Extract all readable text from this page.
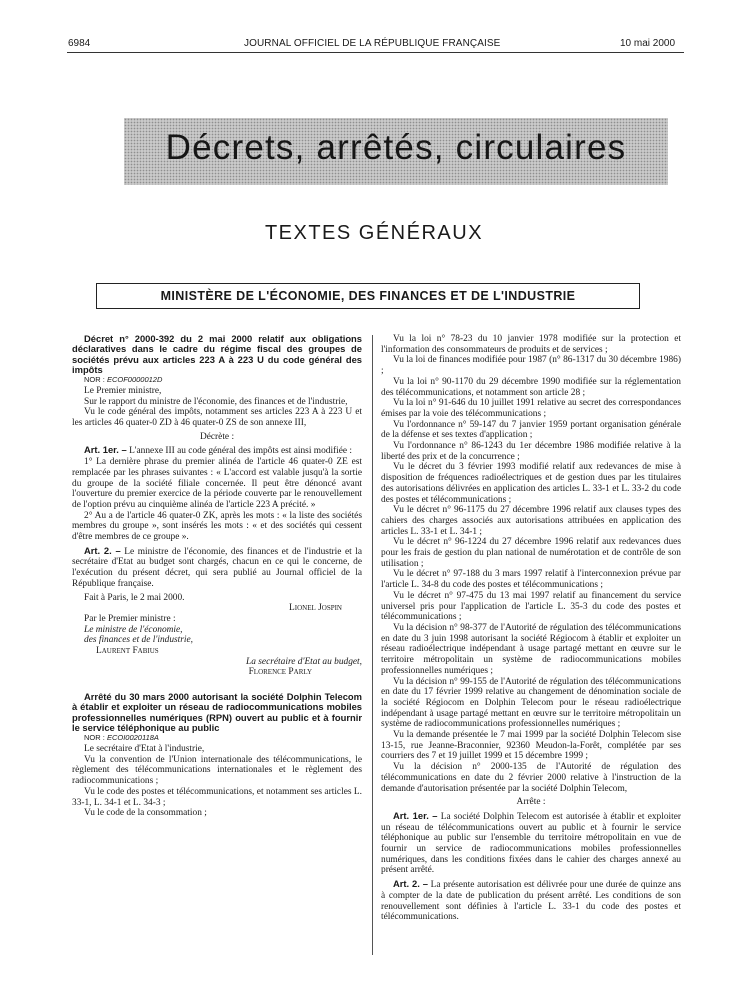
6984	JOURNAL OFFICIEL DE LA RÉPUBLIQUE FRANÇAISE	10 mai 2000
Décrets, arrêtés, circulaires
TEXTES GÉNÉRAUX
MINISTÈRE DE L'ÉCONOMIE, DES FINANCES ET DE L'INDUSTRIE

Décret n° 2000-392 du 2 mai 2000 relatif aux obligations déclaratives dans le cadre du régime fiscal des groupes de sociétés prévu aux articles 223 A à 223 U du code général des impôts

NOR : ECOF0000012D

Le Premier ministre,

Sur le rapport du ministre de l'économie, des finances et de l'industrie,

Vu le code général des impôts, notamment ses articles 223 A à 223 U et les articles 46 quater-0 ZD à 46 quater-0 ZS de son annexe III,

Décrète :

Art. 1er. – L'annexe III au code général des impôts est ainsi modifiée :

1° La dernière phrase du premier alinéa de l'article 46 quater-0 ZE est remplacée par les phrases suivantes : « L'accord est valable jusqu'à la sortie du groupe de la société filiale concernée. Il peut être dénoncé avant l'ouverture du premier exercice de la période couverte par le renouvellement de l'option prévu au cinquième alinéa de l'article 223 A précité. »

2° Au a de l'article 46 quater-0 ZK, après les mots : « la liste des sociétés membres du groupe », sont insérés les mots : « et des sociétés qui cessent d'être membres de ce groupe ».

Art. 2. – Le ministre de l'économie, des finances et de l'industrie et la secrétaire d'Etat au budget sont chargés, chacun en ce qui le concerne, de l'exécution du présent décret, qui sera publié au Journal officiel de la République française.

Fait à Paris, le 2 mai 2000.

Lionel Jospin

Par le Premier ministre :

Le ministre de l'économie,

des finances et de l'industrie,

Laurent Fabius

La secrétaire d'Etat au budget,

Florence Parly

Arrêté du 30 mars 2000 autorisant la société Dolphin Telecom à établir et exploiter un réseau de radiocommunications mobiles professionnelles numériques (RPN) ouvert au public et à fournir le service téléphonique au public

NOR : ECOI0020118A

Le secrétaire d'Etat à l'industrie,

Vu la convention de l'Union internationale des télécommunications, le règlement des télécommunications internationales et le règlement des radiocommunications ;

Vu le code des postes et télécommunications, et notamment ses articles L. 33-1, L. 34-1 et L. 34-3 ;

Vu le code de la consommation ;

Vu la loi n° 78-23 du 10 janvier 1978 modifiée sur la protection et l'information des consommateurs de produits et de services ;

Vu la loi de finances modifiée pour 1987 (n° 86-1317 du 30 décembre 1986) ;

Vu la loi n° 90-1170 du 29 décembre 1990 modifiée sur la réglementation des télécommunications, et notamment son article 28 ;

Vu la loi n° 91-646 du 10 juillet 1991 relative au secret des correspondances émises par la voie des télécommunications ;

Vu l'ordonnance n° 59-147 du 7 janvier 1959 portant organisation générale de la défense et ses textes d'application ;

Vu l'ordonnance n° 86-1243 du 1er décembre 1986 modifiée relative à la liberté des prix et de la concurrence ;

Vu le décret du 3 février 1993 modifié relatif aux redevances de mise à disposition de fréquences radioélectriques et de gestion dues par les titulaires des autorisations délivrées en application des articles L. 33-1 et L. 33-2 du code des postes et télécommunications ;

Vu le décret n° 96-1175 du 27 décembre 1996 relatif aux clauses types des cahiers des charges associés aux autorisations attribuées en application des articles L. 33-1 et L. 34-1 ;

Vu le décret n° 96-1224 du 27 décembre 1996 relatif aux redevances dues pour les frais de gestion du plan national de numérotation et de contrôle de son utilisation ;

Vu le décret n° 97-188 du 3 mars 1997 relatif à l'interconnexion prévue par l'article L. 34-8 du code des postes et télécommunications ;

Vu le décret n° 97-475 du 13 mai 1997 relatif au financement du service universel pris pour l'application de l'article L. 35-3 du code des postes et télécommunications ;

Vu la décision n° 98-377 de l'Autorité de régulation des télécommunications en date du 3 juin 1998 autorisant la société Régiocom à établir et exploiter un réseau radioélectrique indépendant à usage partagé mettant en œuvre sur le territoire métropolitain un système de radiocommunications mobiles professionnelles numériques ;

Vu la décision n° 99-155 de l'Autorité de régulation des télécommunications en date du 17 février 1999 relative au changement de dénomination sociale de la société Régiocom en Dolphin Telecom pour le réseau radioélectrique indépendant à usage partagé mettant en œuvre sur le territoire métropolitain un système de radiocommunications professionnelles numériques ;

Vu la demande présentée le 7 mai 1999 par la société Dolphin Telecom sise 13-15, rue Jeanne-Braconnier, 92360 Meudon-la-Forêt, complétée par ses courriers des 7 et 19 juillet 1999 et 15 décembre 1999 ;

Vu la décision n° 2000-135 de l'Autorité de régulation des télécommunications en date du 2 février 2000 relative à l'instruction de la demande d'autorisation présentée par la société Dolphin Telecom,

Arrête :

Art. 1er. – La société Dolphin Telecom est autorisée à établir et exploiter un réseau de télécommunications ouvert au public et à fournir le service téléphonique au public sur l'ensemble du territoire métropolitain en vue de fournir un service de radiocommunications mobiles professionnelles numériques, dans les conditions fixées dans le cahier des charges annexé au présent arrêté.

Art. 2. – La présente autorisation est délivrée pour une durée de quinze ans à compter de la date de publication du présent arrêté. Les conditions de son renouvellement sont définies à l'article L. 33-1 du code des postes et télécommunications.
